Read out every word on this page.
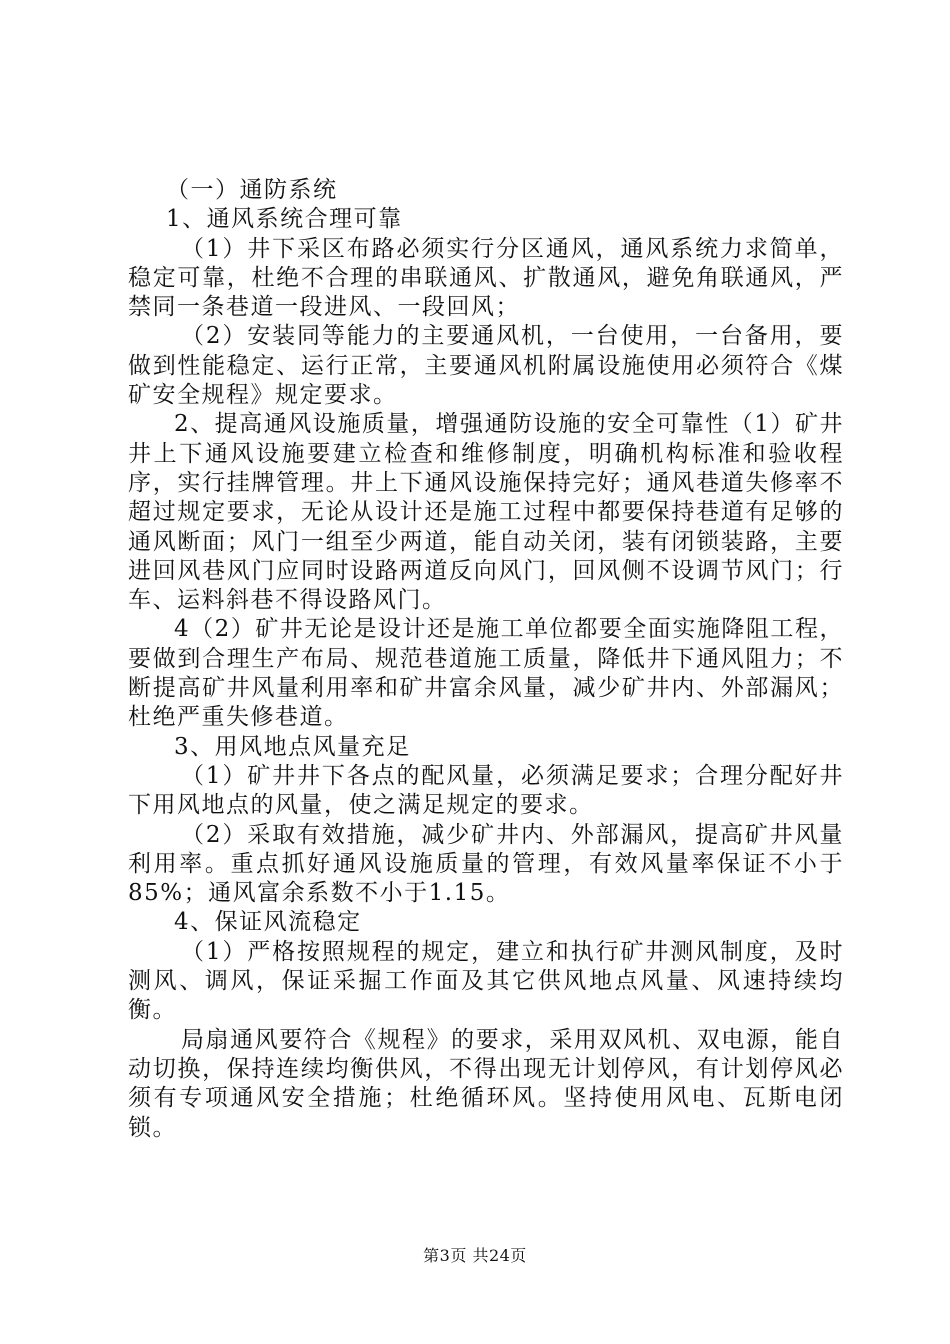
（一）通防系统

1、通风系统合理可靠

（1）井下采区布路必须实行分区通风，通风系统力求简单，稳定可靠，杜绝不合理的串联通风、扩散通风，避免角联通风，严禁同一条巷道一段进风、一段回风；

（2）安装同等能力的主要通风机，一台使用，一台备用，要做到性能稳定、运行正常，主要通风机附属设施使用必须符合《煤矿安全规程》规定要求。

2、提高通风设施质量，增强通防设施的安全可靠性（1）矿井井上下通风设施要建立检查和维修制度，明确机构标准和验收程序，实行挂牌管理。井上下通风设施保持完好；通风巷道失修率不超过规定要求，无论从设计还是施工过程中都要保持巷道有足够的通风断面；风门一组至少两道，能自动关闭，装有闭锁装路，主要进回风巷风门应同时设路两道反向风门，回风侧不设调节风门；行车、运料斜巷不得设路风门。

4（2）矿井无论是设计还是施工单位都要全面实施降阻工程，要做到合理生产布局、规范巷道施工质量，降低井下通风阻力；不断提高矿井风量利用率和矿井富余风量，减少矿井内、外部漏风；杜绝严重失修巷道。

3、用风地点风量充足

（1）矿井井下各点的配风量，必须满足要求；合理分配好井下用风地点的风量，使之满足规定的要求。

（2）采取有效措施，减少矿井内、外部漏风，提高矿井风量利用率。重点抓好通风设施质量的管理，有效风量率保证不小于85%；通风富余系数不小于1.15。

4、保证风流稳定

（1）严格按照规程的规定，建立和执行矿井测风制度，及时测风、调风，保证采掘工作面及其它供风地点风量、风速持续均衡。

局扇通风要符合《规程》的要求，采用双风机、双电源，能自动切换，保持连续均衡供风，不得出现无计划停风，有计划停风必须有专项通风安全措施；杜绝循环风。坚持使用风电、瓦斯电闭锁。

第3页 共24页
